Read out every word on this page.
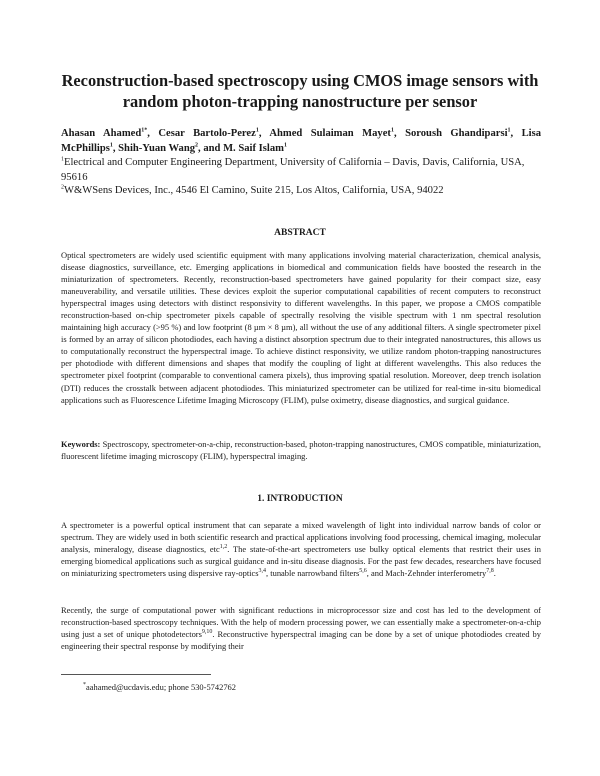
Reconstruction-based spectroscopy using CMOS image sensors with random photon-trapping nanostructure per sensor
Ahasan Ahamed$^{1*}$, Cesar Bartolo-Perez$^1$, Ahmed Sulaiman Mayet$^1$, Soroush Ghandiparsi$^1$, Lisa McPhillips$^1$, Shih-Yuan Wang$^2$, and M. Saif Islam$^1$
$^1$Electrical and Computer Engineering Department, University of California – Davis, Davis, California, USA, 95616
$^2$W&WSens Devices, Inc., 4546 El Camino, Suite 215, Los Altos, California, USA, 94022
ABSTRACT

Optical spectrometers are widely used scientific equipment with many applications involving material characterization, chemical analysis, disease diagnostics, surveillance, etc. Emerging applications in biomedical and communication fields have boosted the research in the miniaturization of spectrometers. Recently, reconstruction-based spectrometers have gained popularity for their compact size, easy maneuverability, and versatile utilities. These devices exploit the superior computational capabilities of recent computers to reconstruct hyperspectral images using detectors with distinct responsivity to different wavelengths. In this paper, we propose a CMOS compatible reconstruction-based on-chip spectrometer pixels capable of spectrally resolving the visible spectrum with 1 nm spectral resolution maintaining high accuracy (>95 %) and low footprint (8 µm × 8 µm), all without the use of any additional filters. A single spectrometer pixel is formed by an array of silicon photodiodes, each having a distinct absorption spectrum due to their integrated nanostructures, this allows us to computationally reconstruct the hyperspectral image. To achieve distinct responsivity, we utilize random photon-trapping nanostructures per photodiode with different dimensions and shapes that modify the coupling of light at different wavelengths. This also reduces the spectrometer pixel footprint (comparable to conventional camera pixels), thus improving spatial resolution. Moreover, deep trench isolation (DTI) reduces the crosstalk between adjacent photodiodes. This miniaturized spectrometer can be utilized for real-time in-situ biomedical applications such as Fluorescence Lifetime Imaging Microscopy (FLIM), pulse oximetry, disease diagnostics, and surgical guidance.

Keywords: Spectroscopy, spectrometer-on-a-chip, reconstruction-based, photon-trapping nanostructures, CMOS compatible, miniaturization, fluorescent lifetime imaging microscopy (FLIM), hyperspectral imaging.

1. INTRODUCTION

A spectrometer is a powerful optical instrument that can separate a mixed wavelength of light into individual narrow bands of color or spectrum. They are widely used in both scientific research and practical applications involving food processing, chemical imaging, molecular analysis, mineralogy, disease diagnostics, etc$^{1,2}$. The state-of-the-art spectrometers use bulky optical elements that restrict their uses in emerging biomedical applications such as surgical guidance and in-situ disease diagnosis. For the past few decades, researchers have focused on miniaturizing spectrometers using dispersive ray-optics$^{3,4}$, tunable narrowband filters$^{5,6}$, and Mach-Zehnder interferometry$^{7,8}$.

Recently, the surge of computational power with significant reductions in microprocessor size and cost has led to the development of reconstruction-based spectroscopy techniques. With the help of modern processing power, we can essentially make a spectrometer-on-a-chip using just a set of unique photodetectors$^{9,10}$. Reconstructive hyperspectral imaging can be done by a set of unique photodiodes created by engineering their spectral response by modifying their

*aahamed@ucdavis.edu; phone 530-5742762
